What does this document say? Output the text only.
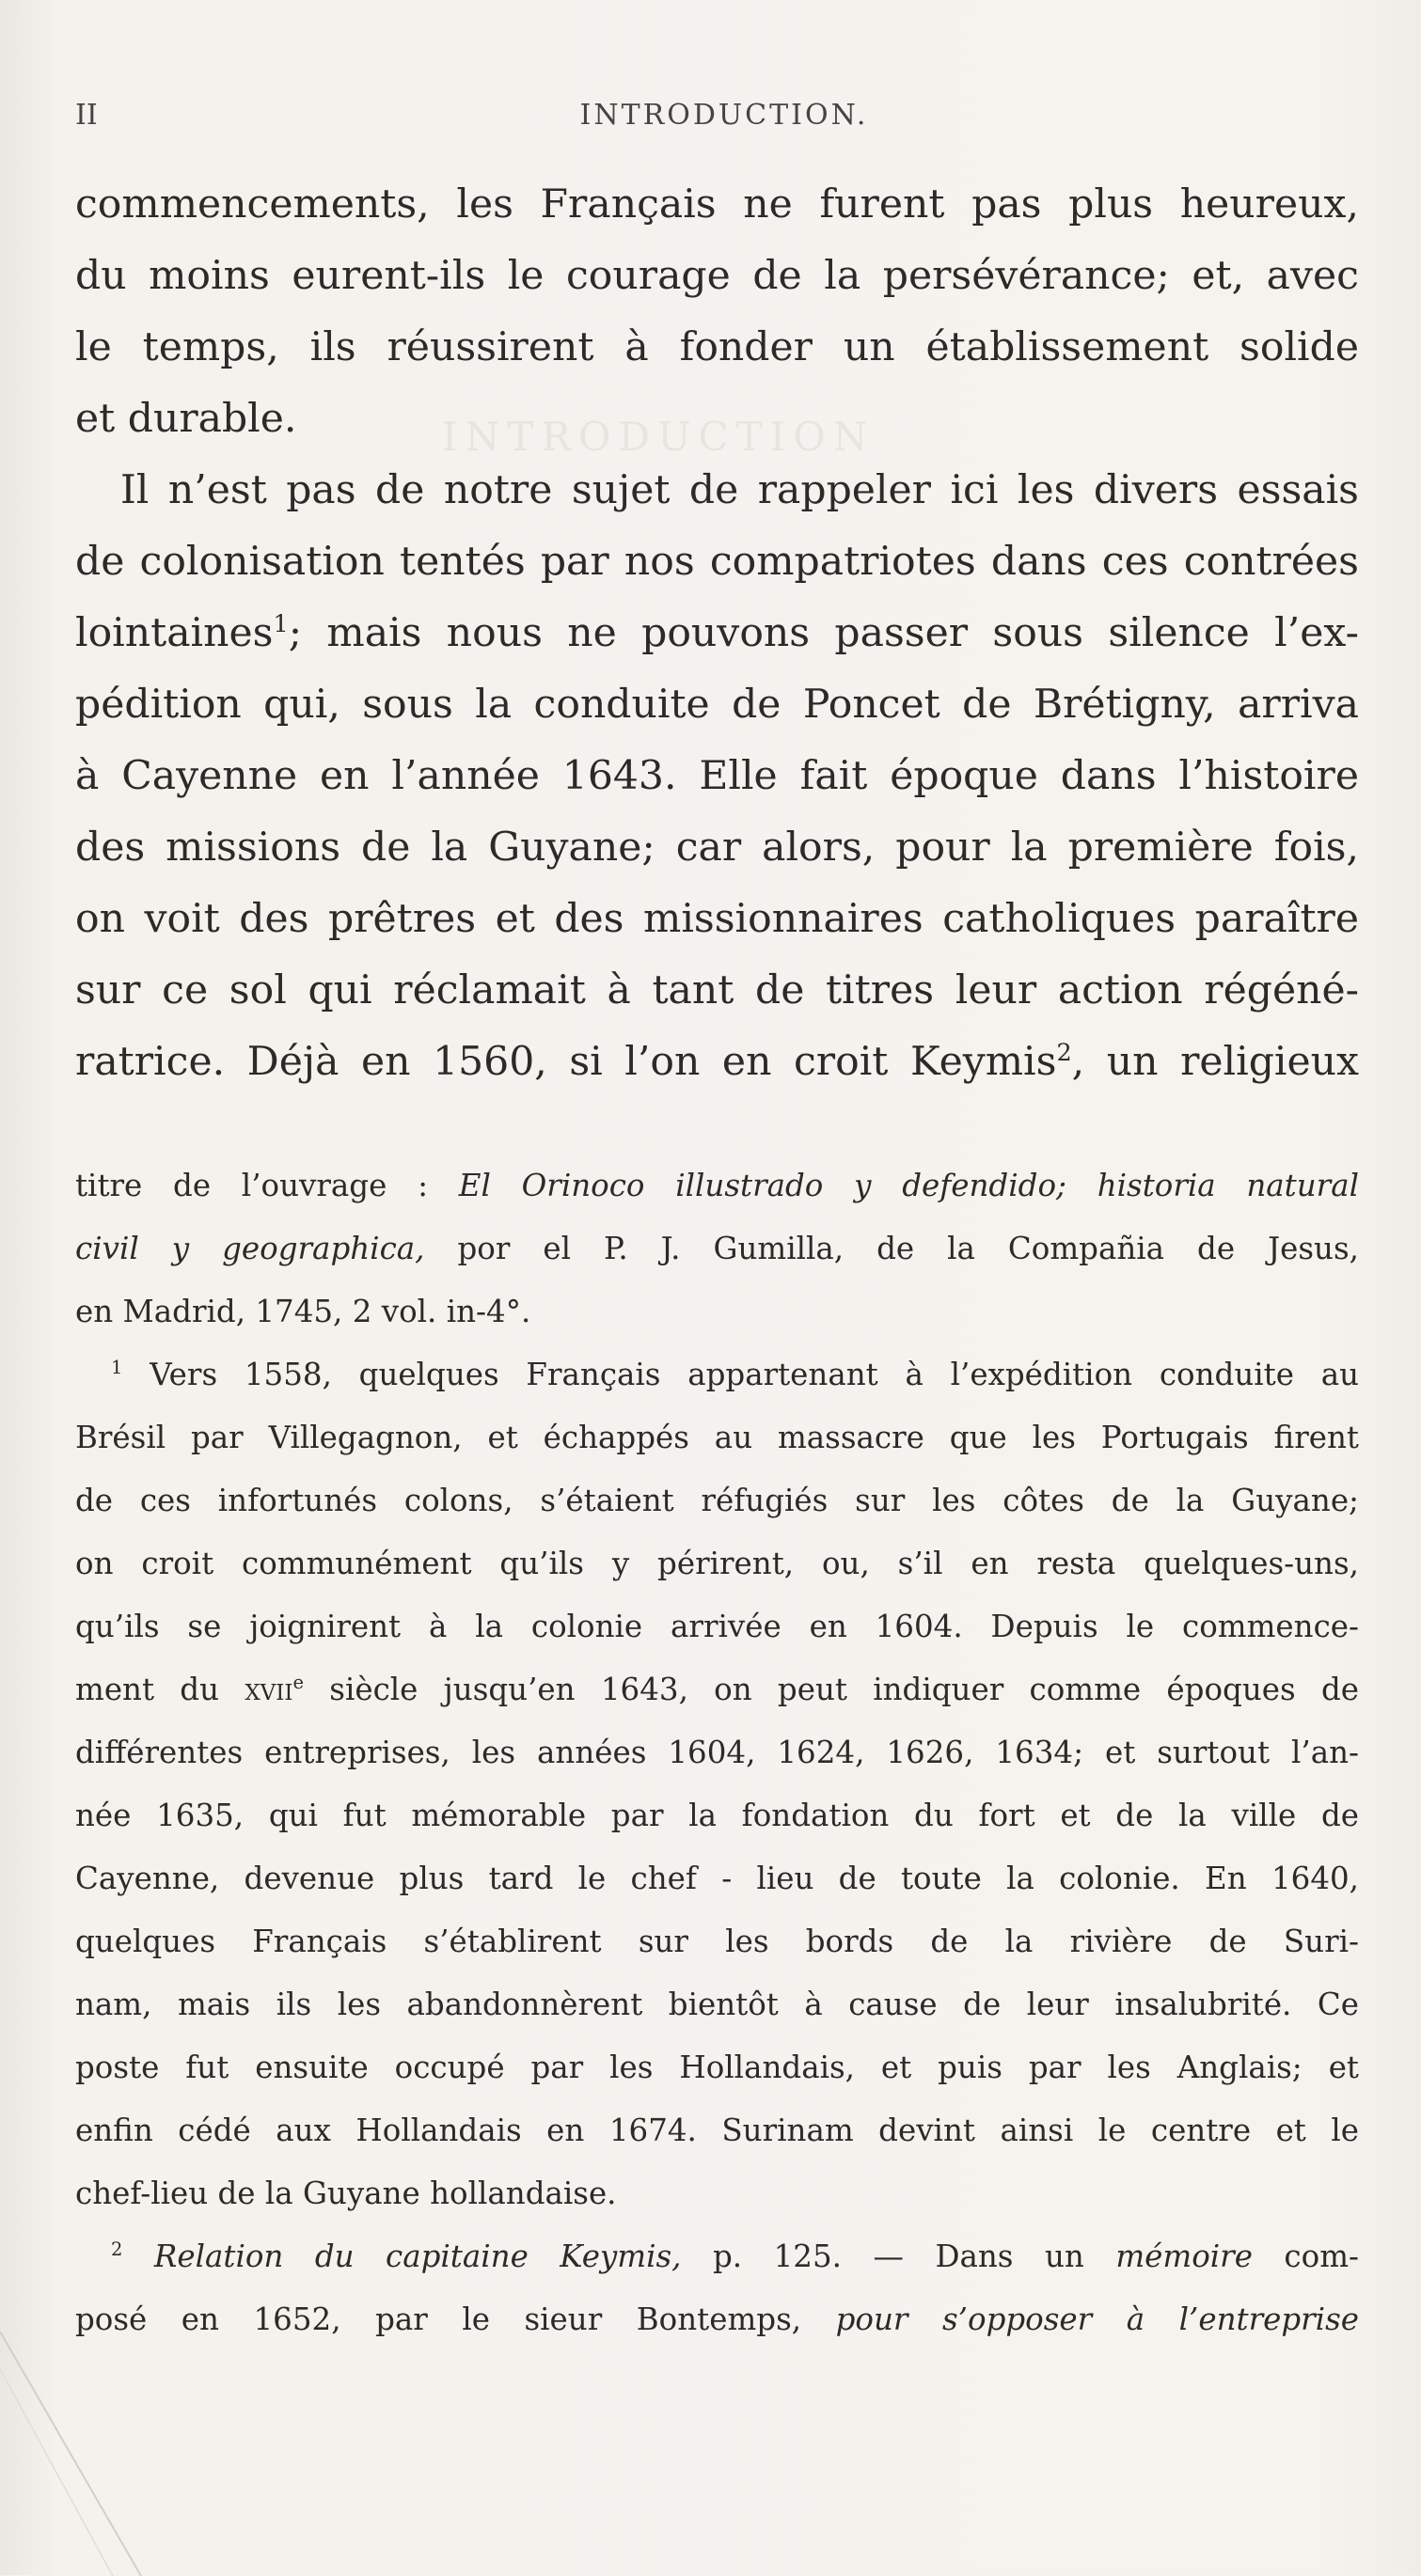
INTRODUCTION
II	INTRODUCTION.
commencements, les Français ne furent pas plus heureux,
du moins eurent-ils le courage de la persévérance; et, avec
le temps, ils réussirent à fonder un établissement solide
et durable.
Il n’est pas de notre sujet de rappeler ici les divers essais
de colonisation tentés par nos compatriotes dans ces contrées
lointaines$^1$; mais nous ne pouvons passer sous silence l’ex-
pédition qui, sous la conduite de Poncet de Brétigny, arriva
à Cayenne en l’année 1643. Elle fait époque dans l’histoire
des missions de la Guyane; car alors, pour la première fois,
on voit des prêtres et des missionnaires catholiques paraître
sur ce sol qui réclamait à tant de titres leur action régéné-
ratrice. Déjà en 1560, si l’on en croit Keymis$^2$, un religieux
titre de l’ouvrage : El Orinoco illustrado y defendido; historia natural
civil y geographica, por el P. J. Gumilla, de la Compañia de Jesus,
en Madrid, 1745, 2 vol. in-4°.
$^1$ Vers 1558, quelques Français appartenant à l’expédition conduite au
Brésil par Villegagnon, et échappés au massacre que les Portugais firent
de ces infortunés colons, s’étaient réfugiés sur les côtes de la Guyane;
on croit communément qu’ils y périrent, ou, s’il en resta quelques-uns,
qu’ils se joignirent à la colonie arrivée en 1604. Depuis le commence-
ment du xvii$^e$ siècle jusqu’en 1643, on peut indiquer comme époques de
différentes entreprises, les années 1604, 1624, 1626, 1634; et surtout l’an-
née 1635, qui fut mémorable par la fondation du fort et de la ville de
Cayenne, devenue plus tard le chef - lieu de toute la colonie. En 1640,
quelques Français s’établirent sur les bords de la rivière de Suri-
nam, mais ils les abandonnèrent bientôt à cause de leur insalubrité. Ce
poste fut ensuite occupé par les Hollandais, et puis par les Anglais; et
enfin cédé aux Hollandais en 1674. Surinam devint ainsi le centre et le
chef-lieu de la Guyane hollandaise.
$^2$ Relation du capitaine Keymis, p. 125. — Dans un mémoire com-
posé en 1652, par le sieur Bontemps, pour s’opposer à l’entreprise
